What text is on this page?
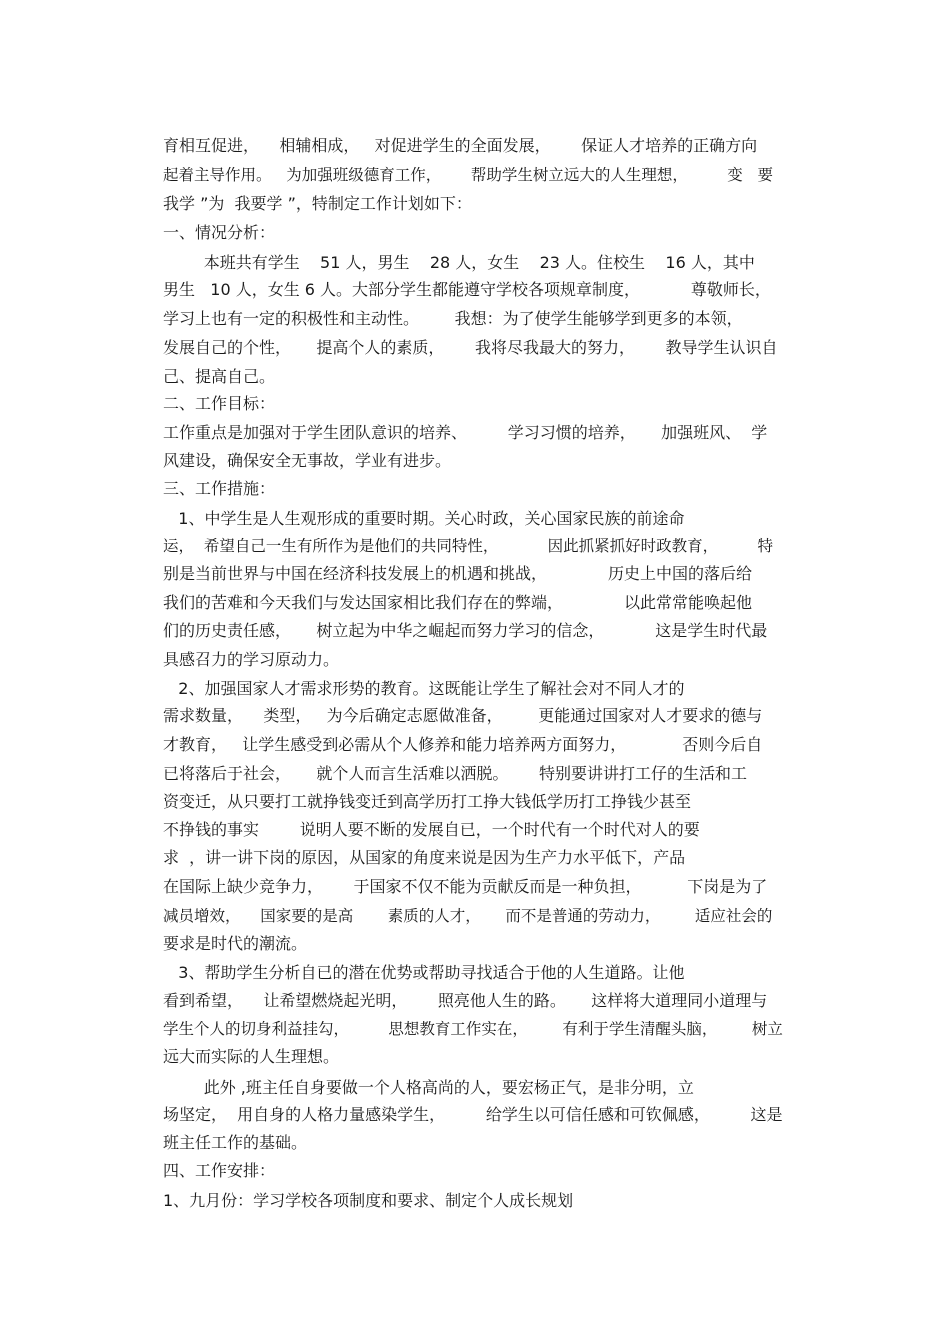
育相互促进，    相辅相成，   对促进学生的全面发展，      保证人才培养的正确方向
起着主导作用。   为加强班级德育工作，      帮助学生树立远大的人生理想，        变   要
我学 ”为  我要学 ”，特制定工作计划如下：
一、情况分析：
本班共有学生    51 人，男生    28 人，女生    23 人。住校生    16 人，其中
男生   10 人，女生 6 人。大部分学生都能遵守学校各项规章制度，          尊敬师长，
学习上也有一定的积极性和主动性。       我想：为了使学生能够学到更多的本领，
发展自己的个性，     提高个人的素质，      我将尽我最大的努力，      教导学生认识自
己、提高自己。
二、工作目标：
工作重点是加强对于学生团队意识的培养、        学习习惯的培养，     加强班风、  学
风建设，确保安全无事故，学业有进步。
三、工作措施：
1、中学生是人生观形成的重要时期。关心时政，关心国家民族的前途命
运，  希望自己一生有所作为是他们的共同特性，          因此抓紧抓好时政教育，        特
别是当前世界与中国在经济科技发展上的机遇和挑战，            历史上中国的落后给
我们的苦难和今天我们与发达国家相比我们存在的弊端，            以此常常能唤起他
们的历史责任感，     树立起为中华之崛起而努力学习的信念，          这是学生时代最
具感召力的学习原动力。
2、加强国家人才需求形势的教育。这既能让学生了解社会对不同人才的
需求数量，    类型，   为今后确定志愿做准备，       更能通过国家对人才要求的德与
才教育，   让学生感受到必需从个人修养和能力培养两方面努力，           否则今后自
已将落后于社会，     就个人而言生活难以洒脱。      特别要讲讲打工仔的生活和工
资变迁，从只要打工就挣钱变迁到高学历打工挣大钱低学历打工挣钱少甚至
不挣钱的事实        说明人要不断的发展自已，一个时代有一个时代对人的要
求  ，讲一讲下岗的原因，从国家的角度来说是因为生产力水平低下，产品
在国际上缺少竞争力，      于国家不仅不能为贡献反而是一种负担，         下岗是为了
减员增效，    国家要的是高       素质的人才，     而不是普通的劳动力，       适应社会的
要求是时代的潮流。
3、帮助学生分析自已的潜在优势或帮助寻找适合于他的人生道路。让他
看到希望，    让希望燃烧起光明，      照亮他人生的路。     这样将大道理同小道理与
学生个人的切身利益挂勾，        思想教育工作实在，       有利于学生清醒头脑，       树立
远大而实际的人生理想。
此外 ,班主任自身要做一个人格高尚的人，要宏杨正气，是非分明，立
场坚定，  用自身的人格力量感染学生，        给学生以可信任感和可钦佩感，        这是
班主任工作的基础。
四、工作安排：
1、九月份：学习学校各项制度和要求、制定个人成长规划
